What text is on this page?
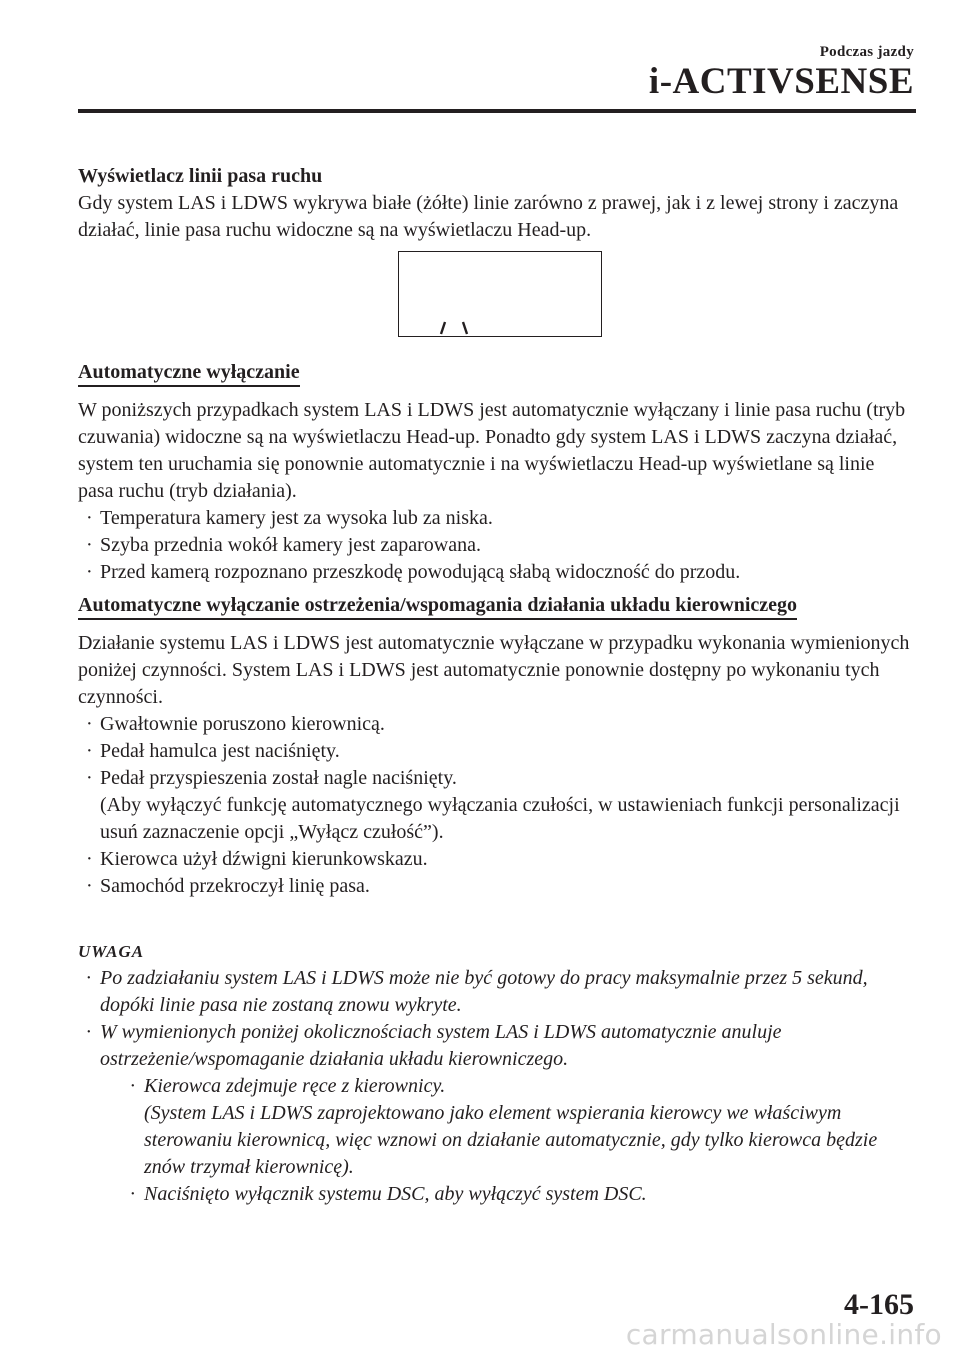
Podczas jazdy
i-ACTIVSENSE
Wyświetlacz linii pasa ruchu

Gdy system LAS i LDWS wykrywa białe (żółte) linie zarówno z prawej, jak i z lewej strony i zaczyna działać, linie pasa ruchu widoczne są na wyświetlaczu Head-up.

Automatyczne wyłączanie

W poniższych przypadkach system LAS i LDWS jest automatycznie wyłączany i linie pasa ruchu (tryb czuwania) widoczne są na wyświetlaczu Head-up. Ponadto gdy system LAS i LDWS zaczyna działać, system ten uruchamia się ponownie automatycznie i na wyświetlaczu Head-up wyświetlane są linie pasa ruchu (tryb działania).

· Temperatura kamery jest za wysoka lub za niska.
· Szyba przednia wokół kamery jest zaparowana.
· Przed kamerą rozpoznano przeszkodę powodującą słabą widoczność do przodu.
Automatyczne wyłączanie ostrzeżenia/wspomagania działania układu kierowniczego

Działanie systemu LAS i LDWS jest automatycznie wyłączane w przypadku wykonania wymienionych poniżej czynności. System LAS i LDWS jest automatycznie ponownie dostępny po wykonaniu tych czynności.

· Gwałtownie poruszono kierownicą.
· Pedał hamulca jest naciśnięty.
· Pedał przyspieszenia został nagle naciśnięty.
(Aby wyłączyć funkcję automatycznego wyłączania czułości, w ustawieniach funkcji personalizacji usuń zaznaczenie opcji „Wyłącz czułość”).
· Kierowca użył dźwigni kierunkowskazu.
· Samochód przekroczył linię pasa.
UWAGA
· Po zadziałaniu system LAS i LDWS może nie być gotowy do pracy maksymalnie przez 5 sekund, dopóki linie pasa nie zostaną znowu wykryte.
· W wymienionych poniżej okolicznościach system LAS i LDWS automatycznie anuluje ostrzeżenie/wspomaganie działania układu kierowniczego.
· Kierowca zdejmuje ręce z kierownicy.
(System LAS i LDWS zaprojektowano jako element wspierania kierowcy we właściwym sterowaniu kierownicą, więc wznowi on działanie automatycznie, gdy tylko kierowca będzie znów trzymał kierownicę).
· Naciśnięto wyłącznik systemu DSC, aby wyłączyć system DSC.
4-165
carmanualsonline.info
